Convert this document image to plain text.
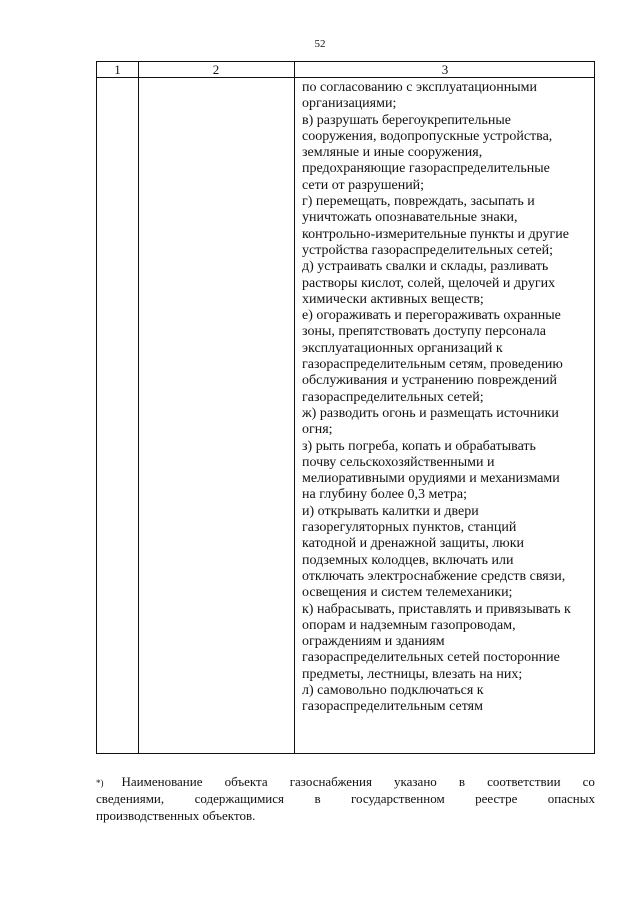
52
1	2	3
по согласованию с эксплуатационными
организациями;
в) разрушать берегоукрепительные
сооружения, водопропускные устройства,
земляные и иные сооружения,
предохраняющие газораспределительные
сети от разрушений;
г) перемещать, повреждать, засыпать и
уничтожать опознавательные знаки,
контрольно-измерительные пункты и другие
устройства газораспределительных сетей;
д) устраивать свалки и склады, разливать
растворы кислот, солей, щелочей и других
химически активных веществ;
е) огораживать и перегораживать охранные
зоны, препятствовать доступу персонала
эксплуатационных организаций к
газораспределительным сетям, проведению
обслуживания и устранению повреждений
газораспределительных сетей;
ж) разводить огонь и размещать источники
огня;
з) рыть погреба, копать и обрабатывать
почву сельскохозяйственными и
мелиоративными орудиями и механизмами
на глубину более 0,3 метра;
и) открывать калитки и двери
газорегуляторных пунктов, станций
катодной и дренажной защиты, люки
подземных колодцев, включать или
отключать электроснабжение средств связи,
освещения и систем телемеханики;
к) набрасывать, приставлять и привязывать к
опорам и надземным газопроводам,
ограждениям и зданиям
газораспределительных сетей посторонние
предметы, лестницы, влезать на них;
л) самовольно подключаться к
газораспределительным сетям
*) Наименование объекта газоснабжения указано в соответствии со
сведениями, содержащимися в государственном реестре опасных
производственных объектов.
